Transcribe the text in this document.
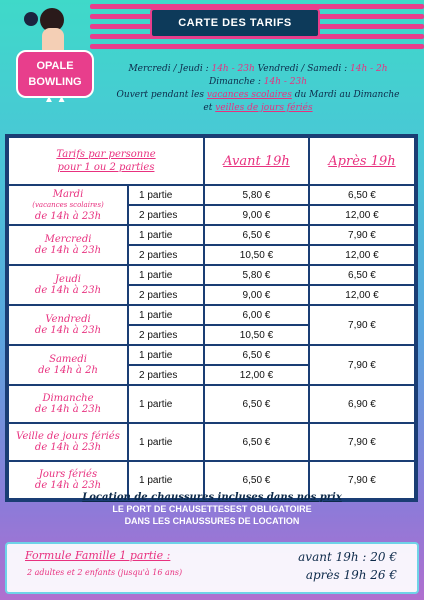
CARTE DES TARIFS
OPALE
BOWLING
▲ ▲
Mercredi / Jeudi : 14h - 23h Vendredi / Samedi : 14h - 2h
Dimanche : 14h - 23h
Ouvert pendant les vacances scolaires du Mardi au Dimanche
et veilles de jours fériés
Tarifs par personne
pour 1 ou 2 parties		Avant 19h	Après 19h

Mardi
(vacances scolaires)
de 14h à 23h	1 partie	5,80 €	6,50 €
	2 parties	9,00 €	12,00 €

Mercredi
de 14h à 23h	1 partie	6,50 €	7,90 €
	2 parties	10,50 €	12,00 €

Jeudi
de 14h à 23h	1 partie	5,80 €	6,50 €
	2 parties	9,00 €	12,00 €

Vendredi
de 14h à 23h	1 partie	6,00 €	7,90 €
	2 parties	10,50 €	

Samedi
de 14h à 2h	1 partie	6,50 €	7,90 €
	2 parties	12,00 €	

Dimanche
de 14h à 23h	1 partie	6,50 €	6,90 €

Veille de jours fériés
de 14h à 23h	1 partie	6,50 €	7,90 €

Jours fériés
de 14h à 23h	1 partie	6,50 €	7,90 €
Location de chaussures incluses dans nos prix
LE PORT DE CHAUSETTESEST OBLIGATOIRE
DANS LES CHAUSSURES DE LOCATION
Formule Famille 1 partie :
2 adultes et 2 enfants (jusqu'à 16 ans)
avant 19h : 20 €
après 19h 26 €
